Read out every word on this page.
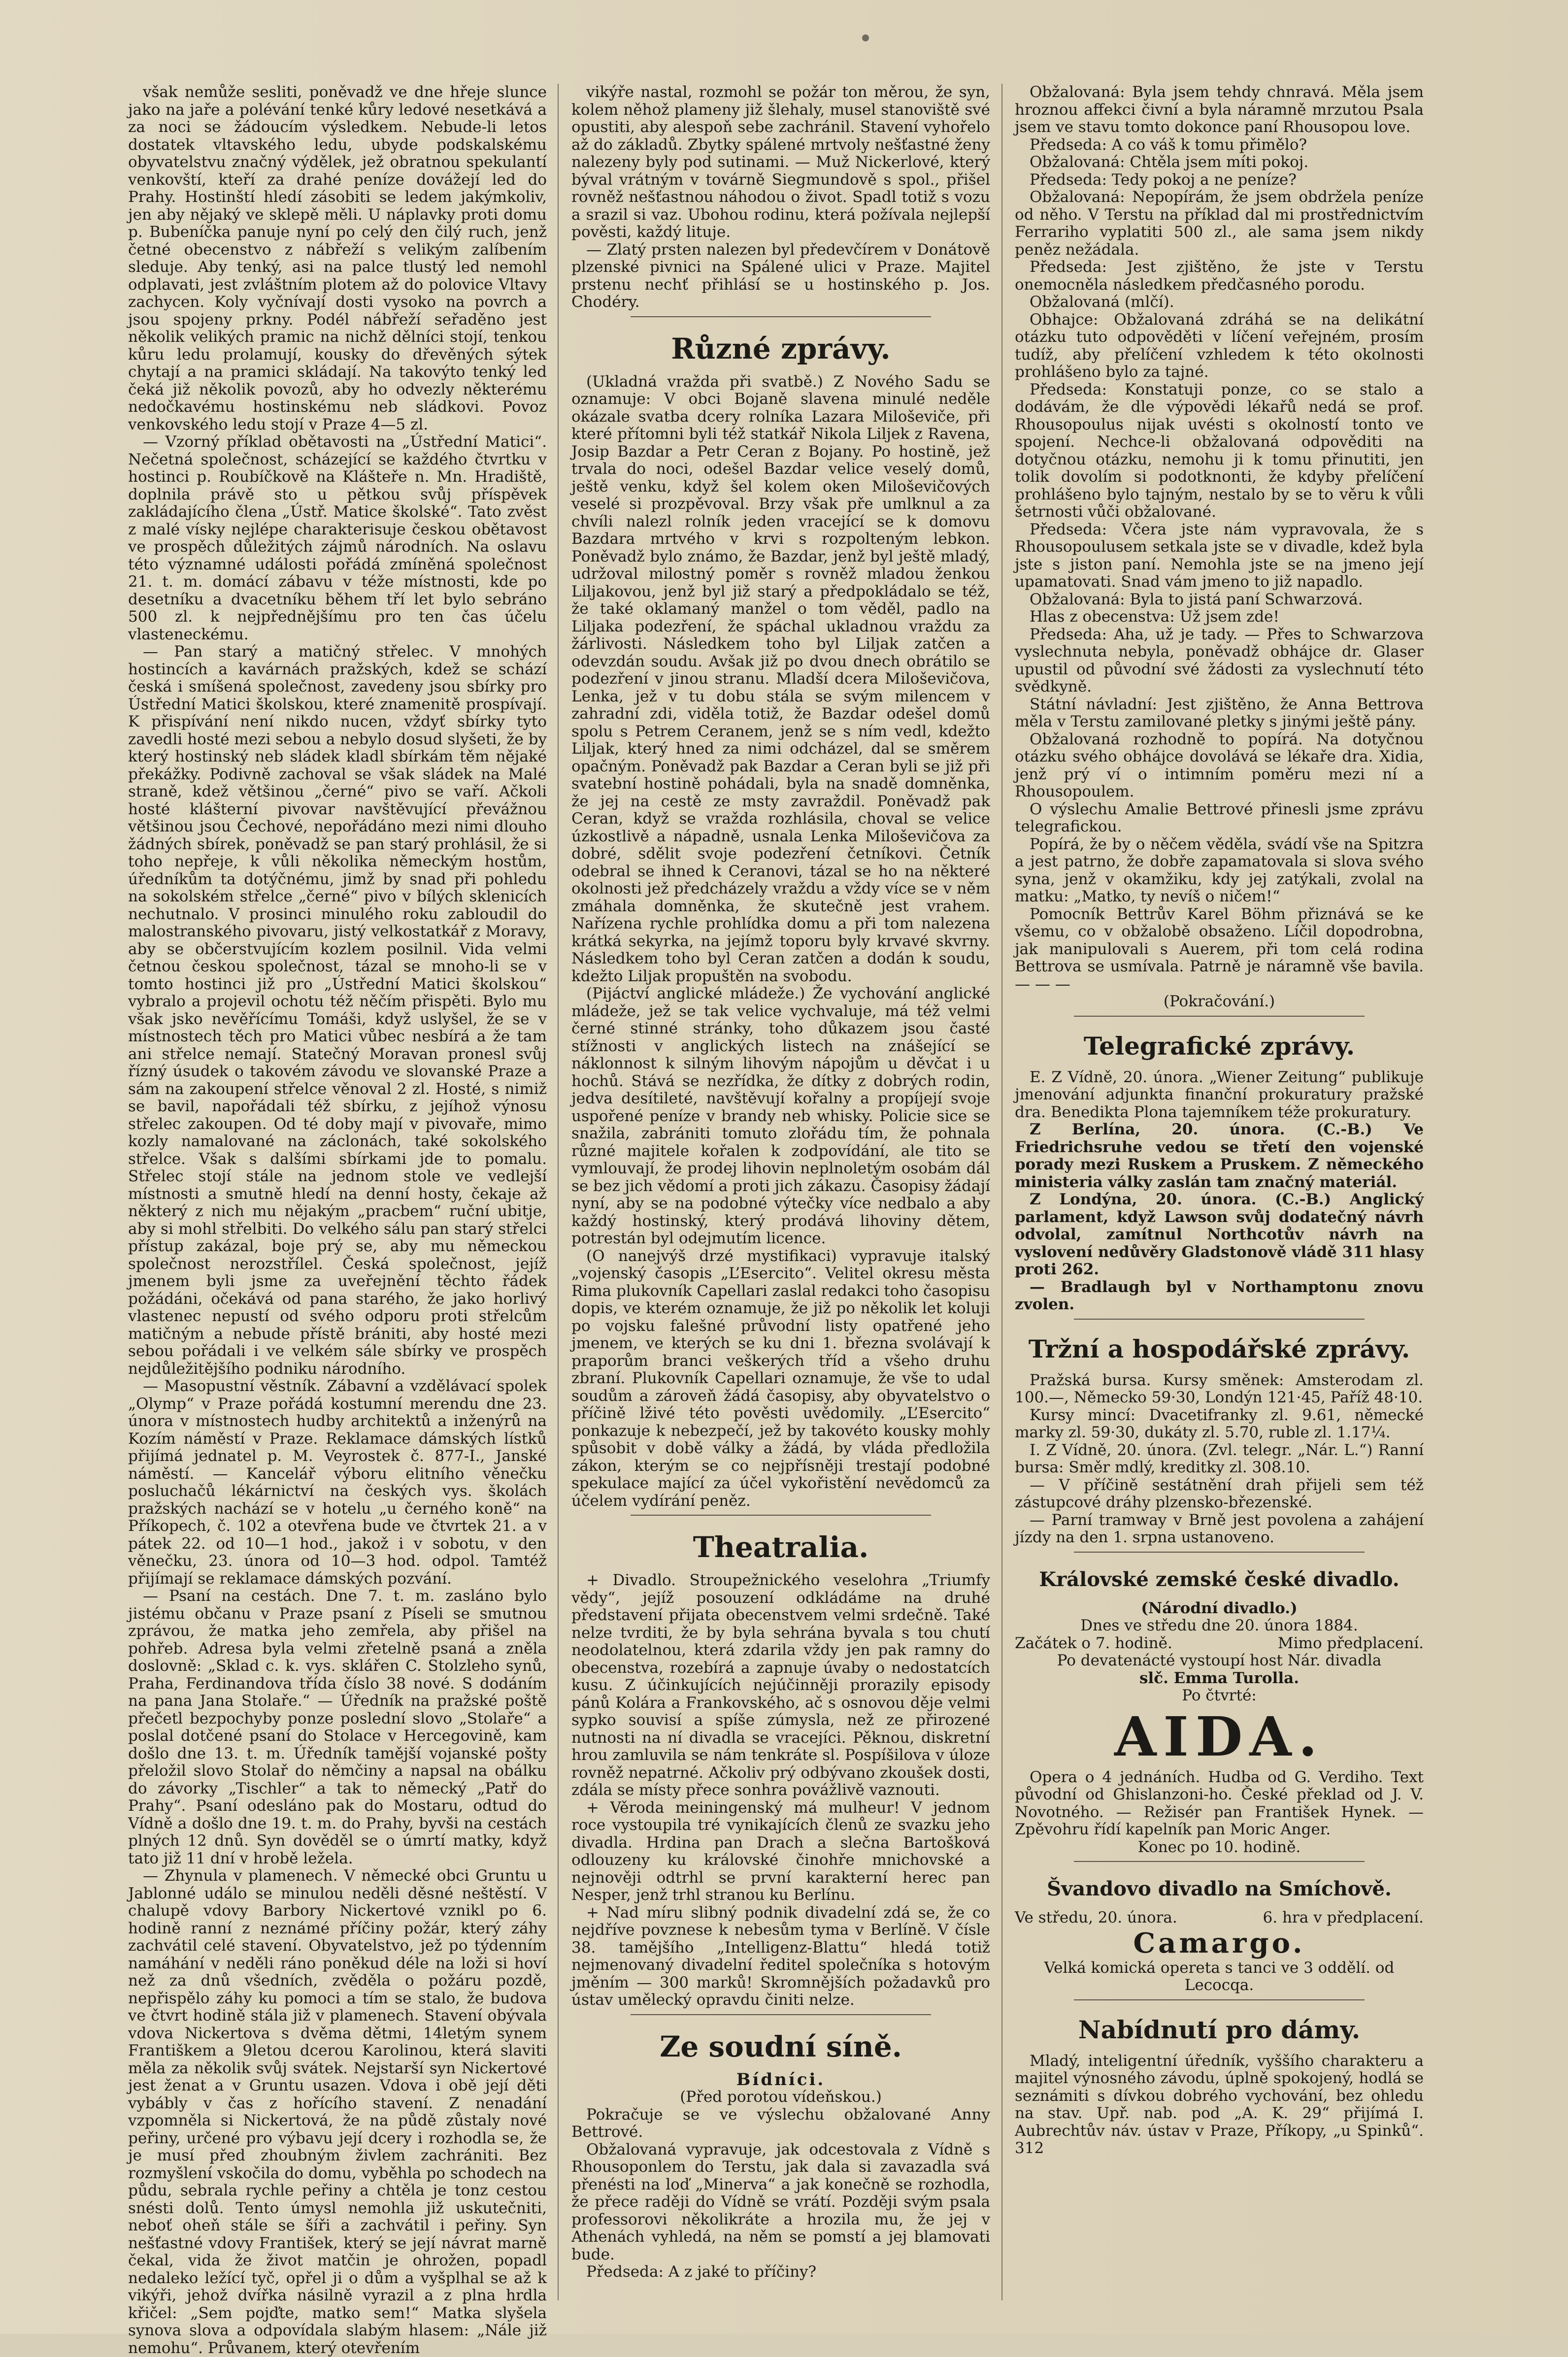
však nemůže sesliti, poněvadž ve dne hřeje slunce jako na jaře a polévání tenké kůry ledové nesetkává a za noci se žádoucím výsledkem. Nebude-li letos dostatek vltavského ledu, ubyde podskalskému obyvatelstvu značný výdělek, jež obratnou spekulantí venkovští, kteří za drahé peníze dovážejí led do Prahy. Hostinští hledí zásobiti se ledem jakýmkoliv, jen aby nějaký ve sklepě měli. U náplavky proti domu p. Bubeníčka panuje nyní po celý den čilý ruch, jenž četné obecenstvo z nábřeží s velikým zalíbením sleduje. Aby tenký, asi na palce tlustý led nemohl odplavati, jest zvláštním plotem až do polovice Vltavy zachycen. Koly vyčnívají dosti vysoko na povrch a jsou spojeny prkny. Podél nábřeží seřaděno jest několik velikých pramic na nichž dělníci stojí, tenkou kůru ledu prolamují, kousky do dřevěných sýtek chytají a na pramici skládají. Na takovýto tenký led čeká již několik povozů, aby ho odvezly některému nedočkavému hostinskému neb sládkovi. Povoz venkovského ledu stojí v Praze 4—5 zl.

— Vzorný příklad obětavosti na „Ústřední Matici“. Nečetná společnost, scházející se každého čtvrtku v hostinci p. Roubíčkově na Klášteře n. Mn. Hradiště, doplnila právě sto u pětkou svůj příspěvek zakládajícího člena „Ústř. Matice školské“. Tato zvěst z malé vísky nejlépe charakterisuje českou obětavost ve prospěch důležitých zájmů národních. Na oslavu této významné události pořádá zmíněná společnost 21. t. m. domácí zábavu v téže místnosti, kde po desetníku a dvacetníku během tří let bylo sebráno 500 zl. k nejpřednějšímu pro ten čas účelu vlasteneckému.

— Pan starý a matičný střelec. V mnohých hostincích a kavárnách pražských, kdež se schází česká i smíšená společnost, zavedeny jsou sbírky pro Ústřední Matici školskou, které znamenitě prospívají. K přispívání není nikdo nucen, vždyť sbírky tyto zavedli hosté mezi sebou a nebylo dosud slyšeti, že by který hostinský neb sládek kladl sbírkám těm nějaké překážky. Podivně zachoval se však sládek na Malé straně, kdež většinou „černé“ pivo se vaří. Ačkoli hosté klášterní pivovar navštěvující převážnou většinou jsou Čechové, nepořádáno mezi nimi dlouho žádných sbírek, poněvadž se pan starý prohlásil, že si toho nepřeje, k vůli několika německým hostům, úředníkům ta dotýčnému, jimž by snad při pohledu na sokolském střelce „černé“ pivo v bílých sklenicích nechutnalo. V prosinci minulého roku zabloudil do malostranského pivovaru, jistý velkostatkář z Moravy, aby se občerstvujícím kozlem posilnil. Vida velmi četnou českou společnost, tázal se mnoho-li se v tomto hostinci již pro „Ústřední Matici školskou“ vybralo a projevil ochotu též něčím přispěti. Bylo mu však jsko nevěřícímu Tomáši, když uslyšel, že se v místnostech těch pro Matici vůbec nesbírá a že tam ani střelce nemají. Statečný Moravan pronesl svůj řízný úsudek o takovém závodu ve slovanské Praze a sám na zakoupení střelce věnoval 2 zl. Hosté, s nimiž se bavil, napořádali též sbírku, z jejíhož výnosu střelec zakoupen. Od té doby mají v pivovaře, mimo kozly namalované na záclonách, také sokolského střelce. Však s dalšími sbírkami jde to pomalu. Střelec stojí stále na jednom stole ve vedlejší místnosti a smutně hledí na denní hosty, čekaje až některý z nich mu nějakým „pracbem“ ruční ubitje, aby si mohl střelbiti. Do velkého sálu pan starý střelci přístup zakázal, boje prý se, aby mu německou společnost nerozstřílel. Česká společnost, jejíž jmenem byli jsme za uveřejnění těchto řádek požádáni, očekává od pana starého, že jako horlivý vlastenec nepustí od svého odporu proti střelcům matičným a nebude přístě brániti, aby hosté mezi sebou pořádali i ve velkém sále sbírky ve prospěch nejdůležitějšího podniku národního.

— Masopustní věstník. Zábavní a vzdělávací spolek „Olymp“ v Praze pořádá kostumní merendu dne 23. února v místnostech hudby architektů a inženýrů na Kozím náměstí v Praze. Reklamace dámských lístků přijímá jednatel p. M. Veyrostek č. 877-I., Janské náměstí. — Kancelář výboru elitního věnečku posluchačů lékárnictví na českých vys. školách pražských nachází se v hotelu „u černého koně“ na Příkopech, č. 102 a otevřena bude ve čtvrtek 21. a v pátek 22. od 10—1 hod., jakož i v sobotu, v den věnečku, 23. února od 10—3 hod. odpol. Tamtéž přijímají se reklamace dámských pozvání.

— Psaní na cestách. Dne 7. t. m. zasláno bylo jistému občanu v Praze psaní z Píseli se smutnou zprávou, že matka jeho zemřela, aby přišel na pohřeb. Adresa byla velmi zřetelně psaná a zněla doslovně: „Sklad c. k. vys. sklářen C. Stolzleho synů, Praha, Ferdinandova třída číslo 38 nové. S dodáním na pana Jana Stolaře.“ — Úředník na pražské poště přečetl bezpochyby ponze poslední slovo „Stolaře“ a poslal dotčené psaní do Stolace v Hercegovině, kam došlo dne 13. t. m. Úředník tamější vojanské pošty přeložil slovo Stolař do němčiny a napsal na obálku do závorky „Tischler“ a tak to německý „Patř do Prahy“. Psaní odesláno pak do Mostaru, odtud do Vídně a došlo dne 19. t. m. do Prahy, byvši na cestách plných 12 dnů. Syn dověděl se o úmrtí matky, když tato již 11 dní v hrobě ležela.

— Zhynula v plamenech. V německé obci Gruntu u Jablonné událo se minulou neděli děsné neštěstí. V chalupě vdovy Barbory Nickertové vznikl po 6. hodině ranní z neznámé příčiny požár, který záhy zachvátil celé stavení. Obyvatelstvo, jež po týdenním namáhání v neděli ráno poněkud déle na loži si hoví než za dnů všedních, zvěděla o požáru pozdě, nepřispělo záhy ku pomoci a tím se stalo, že budova ve čtvrt hodině stála již v plamenech. Stavení obývala vdova Nickertova s dvěma dětmi, 14letým synem Františkem a 9letou dcerou Karolinou, která slaviti měla za několik svůj svátek. Nejstarší syn Nickertové jest ženat a v Gruntu usazen. Vdova i obě její děti vybábly v čas z hořícího stavení. Z nenadání vzpomněla si Nickertová, že na půdě zůstaly nové peřiny, určené pro výbavu její dcery i rozhodla se, že je musí před zhoubným živlem zachrániti. Bez rozmyšlení vskočila do domu, vyběhla po schodech na půdu, sebrala rychle peřiny a chtěla je tonz cestou snésti dolů. Tento úmysl nemohla již uskutečniti, neboť oheň stále se šíři a zachvátil i peřiny. Syn nešťastné vdovy František, který se její návrat marně čekal, vida že život matčin je ohrožen, popadl nedaleko ležící tyč, opřel ji o dům a vyšplhal se až k vikýři, jehož dvířka násilně vyrazil a z plna hrdla křičel: „Sem pojďte, matko sem!“ Matka slyšela synova slova a odpovídala slabým hlasem: „Nále již nemohu“. Průvanem, který otevřením

vikýře nastal, rozmohl se požár ton měrou, že syn, kolem něhož plameny již šlehaly, musel stanoviště své opustiti, aby alespoň sebe zachránil. Stavení vyhořelo až do základů. Zbytky spálené mrtvoly nešťastné ženy nalezeny byly pod sutinami. — Muž Nickerlové, který býval vrátným v továrně Siegmundově s spol., přišel rovněž nešťastnou náhodou o život. Spadl totiž s vozu a srazil si vaz. Ubohou rodinu, která požívala nejlepší pověsti, každý lituje.

— Zlatý prsten nalezen byl předevčírem v Donátově plzenské pivnici na Spálené ulici v Praze. Majitel prstenu nechť přihlásí se u hostinského p. Jos. Chodéry.

Různé zprávy.

(Ukladná vražda při svatbě.) Z Nového Sadu se oznamuje: V obci Bojaně slavena minulé neděle okázale svatba dcery rolníka Lazara Miloševiče, při které přítomni byli též statkář Nikola Liljek z Ravena, Josip Bazdar a Petr Ceran z Bojany. Po hostině, jež trvala do noci, odešel Bazdar velice veselý domů, ještě venku, když šel kolem oken Miloševičových veselé si prozpěvoval. Brzy však pře umlknul a za chvíli nalezl rolník jeden vracející se k domovu Bazdara mrtvého v krvi s rozpolteným lebkon. Poněvadž bylo známo, že Bazdar, jenž byl ještě mladý, udržoval milostný poměr s rovněž mladou ženkou Liljakovou, jenž byl již starý a předpokládalo se též, že také oklamaný manžel o tom věděl, padlo na Liljaka podezření, že spáchal ukladnou vraždu za žárlivosti. Následkem toho byl Liljak zatčen a odevzdán soudu. Avšak již po dvou dnech obrátilo se podezření v jinou stranu. Mladší dcera Miloševičova, Lenka, jež v tu dobu stála se svým milencem v zahradní zdi, viděla totiž, že Bazdar odešel domů spolu s Petrem Ceranem, jenž se s ním vedl, kdežto Liljak, který hned za nimi odcházel, dal se směrem opačným. Poněvadž pak Bazdar a Ceran byli se již při svatební hostině pohádali, byla na snadě domněnka, že jej na cestě ze msty zavraždil. Poněvadž pak Ceran, když se vražda rozhlásila, choval se velice úzkostlivě a nápadně, usnala Lenka Miloševičova za dobré, sdělit svoje podezření četníkovi. Četník odebral se ihned k Ceranovi, tázal se ho na některé okolnosti jež předcházely vraždu a vždy více se v něm zmáhala domněnka, že skutečně jest vrahem. Nařízena rychle prohlídka domu a při tom nalezena krátká sekyrka, na jejímž toporu byly krvavé skvrny. Následkem toho byl Ceran zatčen a dodán k soudu, kdežto Liljak propuštěn na svobodu.

(Pijáctví anglické mládeže.) Že vychování anglické mládeže, jež se tak velice vychvaluje, má též velmi černé stinné stránky, toho důkazem jsou časté stížnosti v anglických listech na znášející se náklonnost k silným lihovým nápojům u děvčat i u hochů. Stává se nezřídka, že dítky z dobrých rodin, jedva desítileté, navštěvují kořalny a propíjejí svoje uspořené peníze v brandy neb whisky. Policie sice se snažila, zabrániti tomuto zlořádu tím, že pohnala různé majitele kořalen k zodpovídání, ale tito se vymlouvají, že prodej lihovin neplnoletým osobám dál se bez jich vědomí a proti jich zákazu. Časopisy žádají nyní, aby se na podobné výtečky více nedbalo a aby každý hostinský, který prodává lihoviny dětem, potrestán byl odejmutím licence.

(O nanejvýš drzé mystifikaci) vypravuje italský „vojenský časopis „L’Esercito“. Velitel okresu města Rima plukovník Capellari zaslal redakci toho časopisu dopis, ve kterém oznamuje, že již po několik let koluji po vojsku falešné průvodní listy opatřené jeho jmenem, ve kterých se ku dni 1. března svolávají k praporům branci veškerých tříd a všeho druhu zbraní. Plukovník Capellari oznamuje, že vše to udal soudům a zároveň žádá časopisy, aby obyvatelstvo o příčině lživé této pověsti uvědomily. „L’Esercito“ ponkazuje k nebezpečí, jež by takovéto kousky mohly spůsobit v době války a žádá, by vláda předložila zákon, kterým se co nejpřísněji trestají podobné spekulace mající za účel vykořistění nevědomců za účelem vydírání peněz.

Theatralia.

+ Divadlo. Stroupežnického veselohra „Triumfy vědy“, jejíž posouzení odkládáme na druhé představení přijata obecenstvem velmi srdečně. Také nelze tvrditi, že by byla sehrána byvala s tou chutí neodolatelnou, která zdarila vždy jen pak ramny do obecenstva, rozebírá a zapnuje úvaby o nedostatcích kusu. Z účinkujících nejúčinněji prorazily episody pánů Kolára a Frankovského, ač s osnovou děje velmi sypko souvisí a spíše zúmysla, než ze přirozené nutnosti na ní divadla se vracejíci. Pěknou, diskretní hrou zamluvila se nám tenkráte sl. Pospíšilova v úloze rovněž nepatrné. Ačkoliv prý odbývano zkoušek dosti, zdála se místy přece sonhra povážlivě vaznouti.

+ Věroda meiningenský má mulheur! V jednom roce vystoupila tré vynikajících členů ze svazku jeho divadla. Hrdina pan Drach a slečna Bartošková odlouzeny ku královské činohře mnichovské a nejnověji odtrhl se první karakterní herec pan Nesper, jenž trhl stranou ku Berlínu.

+ Nad míru slibný podnik divadelní zdá se, že co nejdříve povznese k nebesům tyma v Berlíně. V čísle 38. tamějšího „Intelligenz-Blattu“ hledá totiž nejmenovaný divadelní ředitel společníka s hotovým jměním — 300 marků! Skromnějších požadavků pro ústav umělecký opravdu činiti nelze.

Ze soudní síně.

Bídníci.

(Před porotou vídeňskou.)

Pokračuje se ve výslechu obžalované Anny Bettrové.

Obžalovaná vypravuje, jak odcestovala z Vídně s Rhousoponlem do Terstu, jak dala si zavazadla svá přenésti na loď „Minerva“ a jak konečně se rozhodla, že přece raději do Vídně se vrátí. Později svým psala professorovi několikráte a hrozila mu, že jej v Athenách vyhledá, na něm se pomstí a jej blamovati bude.

Předseda: A z jaké to příčiny?

Obžalovaná: Byla jsem tehdy chnravá. Měla jsem hroznou affekci čivní a byla náramně mrzutou Psala jsem ve stavu tomto dokonce paní Rhousopou love.

Předseda: A co váš k tomu přimělo?

Obžalovaná: Chtěla jsem míti pokoj.

Předseda: Tedy pokoj a ne peníze?

Obžalovaná: Nepopírám, že jsem obdržela peníze od něho. V Terstu na příklad dal mi prostřednictvím Ferrariho vyplatiti 500 zl., ale sama jsem nikdy peněz nežádala.

Předseda: Jest zjištěno, že jste v Terstu onemocněla následkem předčasného porodu.

Obžalovaná (mlčí).

Obhajce: Obžalovaná zdráhá se na delikátní otázku tuto odpověděti v líčení veřejném, prosím tudíž, aby přelíčení vzhledem k této okolnosti prohlášeno bylo za tajné.

Předseda: Konstatuji ponze, co se stalo a dodávám, že dle výpovědi lékařů nedá se prof. Rhousopoulus nijak uvésti s okolností tonto ve spojení. Nechce-li obžalovaná odpověditi na dotyčnou otázku, nemohu ji k tomu přinutiti, jen tolik dovolím si podotknonti, že kdyby přelíčení prohlášeno bylo tajným, nestalo by se to věru k vůli šetrnosti vůči obžalované.

Předseda: Včera jste nám vypravovala, že s Rhousopoulusem setkala jste se v divadle, kdež byla jste s jiston paní. Nemohla jste se na jmeno její upamatovati. Snad vám jmeno to již napadlo.

Obžalovaná: Byla to jistá paní Schwarzová.

Hlas z obecenstva: Už jsem zde!

Předseda: Aha, už je tady. — Přes to Schwarzova vyslechnuta nebyla, poněvadž obhájce dr. Glaser upustil od původní své žádosti za vyslechnutí této svědkyně.

Státní návladní: Jest zjištěno, že Anna Bettrova měla v Terstu zamilované pletky s jinými ještě pány.

Obžalovaná rozhodně to popírá. Na dotyčnou otázku svého obhájce dovolává se lékaře dra. Xidia, jenž prý ví o intimním poměru mezi ní a Rhousopoulem.

O výslechu Amalie Bettrové přinesli jsme zprávu telegrafickou.

Popírá, že by o něčem věděla, svádí vše na Spitzra a jest patrno, že dobře zapamatovala si slova svého syna, jenž v okamžiku, kdy jej zatýkali, zvolal na matku: „Matko, ty nevíš o ničem!“

Pomocník Bettrův Karel Böhm přiznává se ke všemu, co v obžalobě obsaženo. Líčil dopodrobna, jak manipulovali s Auerem, při tom celá rodina Bettrova se usmívala. Patrně je náramně vše bavila. — — —

(Pokračování.)

Telegrafické zprávy.

E. Z Vídně, 20. února. „Wiener Zeitung“ publikuje jmenování adjunkta finanční prokuratury pražské dra. Benedikta Plona tajemníkem téže prokuratury.

Z Berlína, 20. února. (C.-B.) Ve Friedrichsruhe vedou se třetí den vojenské porady mezi Ruskem a Pruskem. Z německého ministeria války zaslán tam značný materiál.

Z Londýna, 20. února. (C.-B.) Anglický parlament, když Lawson svůj dodatečný návrh odvolal, zamítnul Northcotův návrh na vyslovení nedůvěry Gladstonově vládě 311 hlasy proti 262.

— Bradlaugh byl v Northamptonu znovu zvolen.

Tržní a hospodářské zprávy.

Pražská bursa. Kursy směnek: Amsterodam zl. 100.—, Německo 59·30, Londýn 121·45, Paříž 48·10.

Kursy mincí: Dvacetifranky zl. 9.61, německé marky zl. 59·30, dukáty zl. 5.70, ruble zl. 1.17¼.

I. Z Vídně, 20. února. (Zvl. telegr. „Nár. L.“) Ranní bursa: Směr mdlý, kreditky zl. 308.10.

— V příčině sestátnění drah přijeli sem též zástupcové dráhy plzensko-březenské.

— Parní tramway v Brně jest povolena a zahájení jízdy na den 1. srpna ustanoveno.

Královské zemské české divadlo.

(Národní divadlo.)

Dnes ve středu dne 20. února 1884.

Začátek o 7. hodině.	Mimo předplacení.

Po devatenácté vystoupí host Nár. divadla

slč. Emma Turolla.

Po čtvrté:

AIDA.

Opera o 4 jednáních. Hudba od G. Verdiho. Text původní od Ghislanzoni-ho. České překlad od J. V. Novotného. — Režisér pan František Hynek. — Zpěvohru řídí kapelník pan Moric Anger.

Konec po 10. hodině.

Švandovo divadlo na Smíchově.

Ve středu, 20. února.	6. hra v předplacení.

Camargo.

Velká komická opereta s tanci ve 3 oddělí. od Lecocqa.

Nabídnutí pro dámy.

Mladý, inteligentní úředník, vyššího charakteru a majitel výnosného závodu, úplně spokojený, hodlá se seznámiti s dívkou dobrého vychování, bez ohledu na stav. Upř. nab. pod „A. K. 29“ přijímá I. Aubrechtův náv. ústav v Praze, Příkopy, „u Spinků“. 312
